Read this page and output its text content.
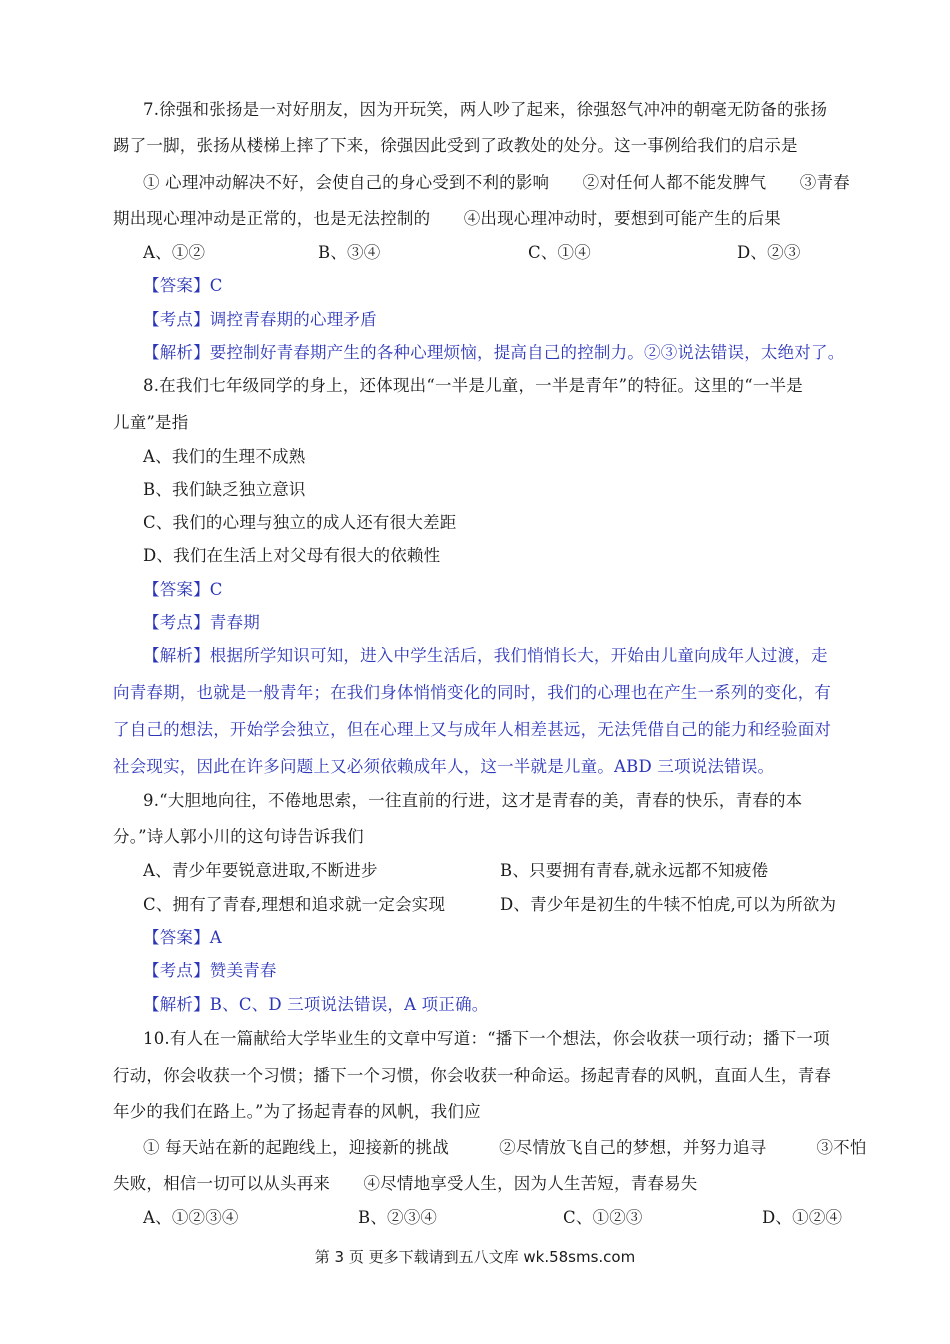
7.徐强和张扬是一对好朋友，因为开玩笑，两人吵了起来，徐强怒气冲冲的朝毫无防备的张扬
踢了一脚，张扬从楼梯上摔了下来，徐强因此受到了政教处的处分。这一事例给我们的启示是
① 心理冲动解决不好，会使自己的身心受到不利的影响　　②对任何人都不能发脾气　　③青春
期出现心理冲动是正常的，也是无法控制的　　④出现心理冲动时，要想到可能产生的后果
A、①②	B、③④	C、①④	D、②③
【答案】C
【考点】调控青春期的心理矛盾
【解析】要控制好青春期产生的各种心理烦恼，提高自己的控制力。②③说法错误，太绝对了。
8.在我们七年级同学的身上，还体现出“一半是儿童，一半是青年”的特征。这里的“一半是
儿童”是指
A、我们的生理不成熟
B、我们缺乏独立意识
C、我们的心理与独立的成人还有很大差距
D、我们在生活上对父母有很大的依赖性
【答案】C
【考点】青春期
【解析】根据所学知识可知，进入中学生活后，我们悄悄长大，开始由儿童向成年人过渡，走
向青春期，也就是一般青年；在我们身体悄悄变化的同时，我们的心理也在产生一系列的变化，有
了自己的想法，开始学会独立，但在心理上又与成年人相差甚远，无法凭借自己的能力和经验面对
社会现实，因此在许多问题上又必须依赖成年人，这一半就是儿童。ABD 三项说法错误。
9.“大胆地向往，不倦地思索，一往直前的行进，这才是青春的美，青春的快乐，青春的本
分。”诗人郭小川的这句诗告诉我们
A、青少年要锐意进取,不断进步	B、只要拥有青春,就永远都不知疲倦
C、拥有了青春,理想和追求就一定会实现	D、青少年是初生的牛犊不怕虎,可以为所欲为
【答案】A
【考点】赞美青春
【解析】B、C、D 三项说法错误，A 项正确。
10.有人在一篇献给大学毕业生的文章中写道：“播下一个想法，你会收获一项行动；播下一项
行动，你会收获一个习惯；播下一个习惯，你会收获一种命运。扬起青春的风帆，直面人生，青春
年少的我们在路上。”为了扬起青春的风帆，我们应
① 每天站在新的起跑线上，迎接新的挑战　　　②尽情放飞自己的梦想，并努力追寻　　　③不怕
失败，相信一切可以从头再来　　④尽情地享受人生，因为人生苦短，青春易失
A、①②③④	B、②③④	C、①②③	D、①②④
第 3 页 更多下载请到五八文库 wk.58sms.com
